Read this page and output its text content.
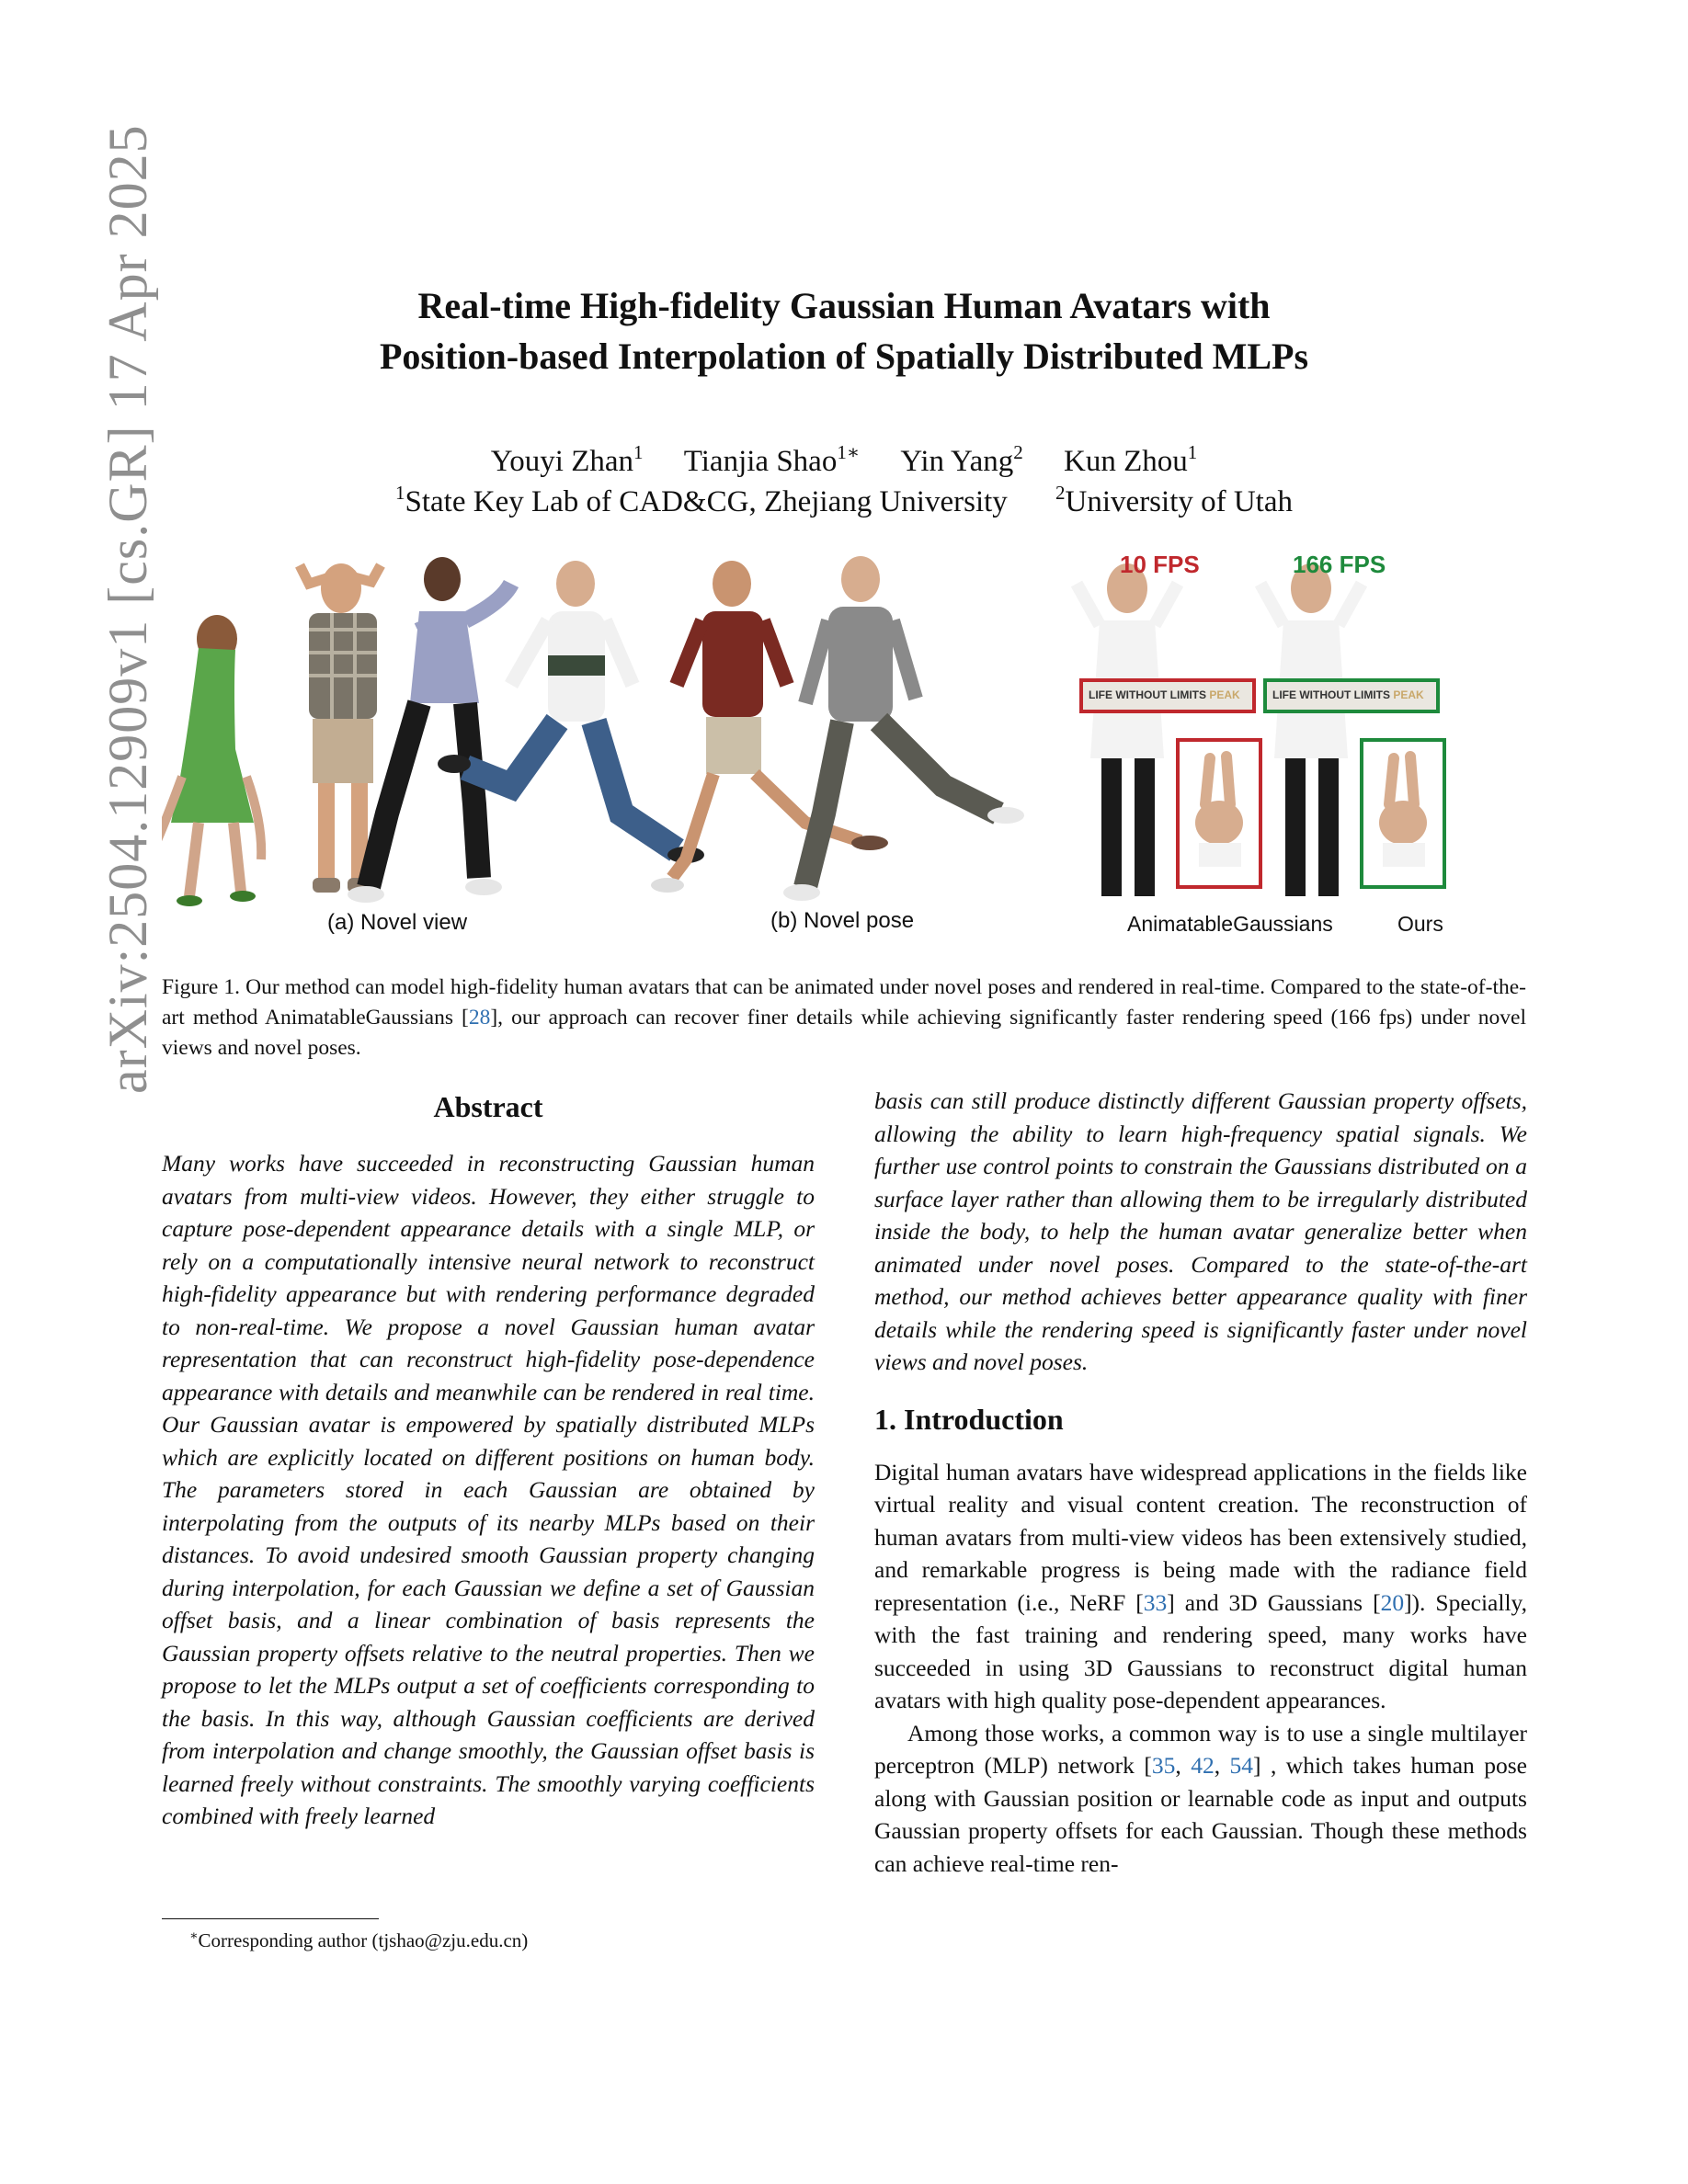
arXiv:2504.12909v1 [cs.GR] 17 Apr 2025	Real-time High-fidelity Gaussian Human Avatars with
Position-based Interpolation of Spatially Distributed MLPs
Youyi Zhan$^1$ Tianjia Shao$^{1∗}$ Yin Yang$^2$ Kun Zhou$^1$
$^1$State Key Lab of CAD&CG, Zhejiang University $^2$University of Utah
LIFE WITHOUT LIMITS PEAK	LIFE WITHOUT LIMITS PEAK
10 FPS	166 FPS
(a) Novel view	(b) Novel pose	AnimatableGaussians	Ours
Figure 1. Our method can model high-fidelity human avatars that can be animated under novel poses and rendered in real-time. Compared to the state-of-the-art method AnimatableGaussians [28], our approach can recover finer details while achieving significantly faster rendering speed (166 fps) under novel views and novel poses.
Abstract

Many works have succeeded in reconstructing Gaussian human avatars from multi-view videos. However, they either struggle to capture pose-dependent appearance details with a single MLP, or rely on a computationally intensive neural network to reconstruct high-fidelity appearance but with rendering performance degraded to non-real-time. We propose a novel Gaussian human avatar representation that can reconstruct high-fidelity pose-dependence appearance with details and meanwhile can be rendered in real time. Our Gaussian avatar is empowered by spatially distributed MLPs which are explicitly located on different positions on human body. The parameters stored in each Gaussian are obtained by interpolating from the outputs of its nearby MLPs based on their distances. To avoid undesired smooth Gaussian property changing during interpolation, for each Gaussian we define a set of Gaussian offset basis, and a linear combination of basis represents the Gaussian property offsets relative to the neutral properties. Then we propose to let the MLPs output a set of coefficients corresponding to the basis. In this way, although Gaussian coefficients are derived from interpolation and change smoothly, the Gaussian offset basis is learned freely without constraints. The smoothly varying coefficients combined with freely learned

basis can still produce distinctly different Gaussian property offsets, allowing the ability to learn high-frequency spatial signals. We further use control points to constrain the Gaussians distributed on a surface layer rather than allowing them to be irregularly distributed inside the body, to help the human avatar generalize better when animated under novel poses. Compared to the state-of-the-art method, our method achieves better appearance quality with finer details while the rendering speed is significantly faster under novel views and novel poses.

1. Introduction

Digital human avatars have widespread applications in the fields like virtual reality and visual content creation. The reconstruction of human avatars from multi-view videos has been extensively studied, and remarkable progress is being made with the radiance field representation (i.e., NeRF [33] and 3D Gaussians [20]). Specially, with the fast training and rendering speed, many works have succeeded in using 3D Gaussians to reconstruct digital human avatars with high quality pose-dependent appearances.

Among those works, a common way is to use a single multilayer perceptron (MLP) network [35, 42, 54] , which takes human pose along with Gaussian position or learnable code as input and outputs Gaussian property offsets for each Gaussian. Though these methods can achieve real-time ren-

∗Corresponding author (tjshao@zju.edu.cn)
